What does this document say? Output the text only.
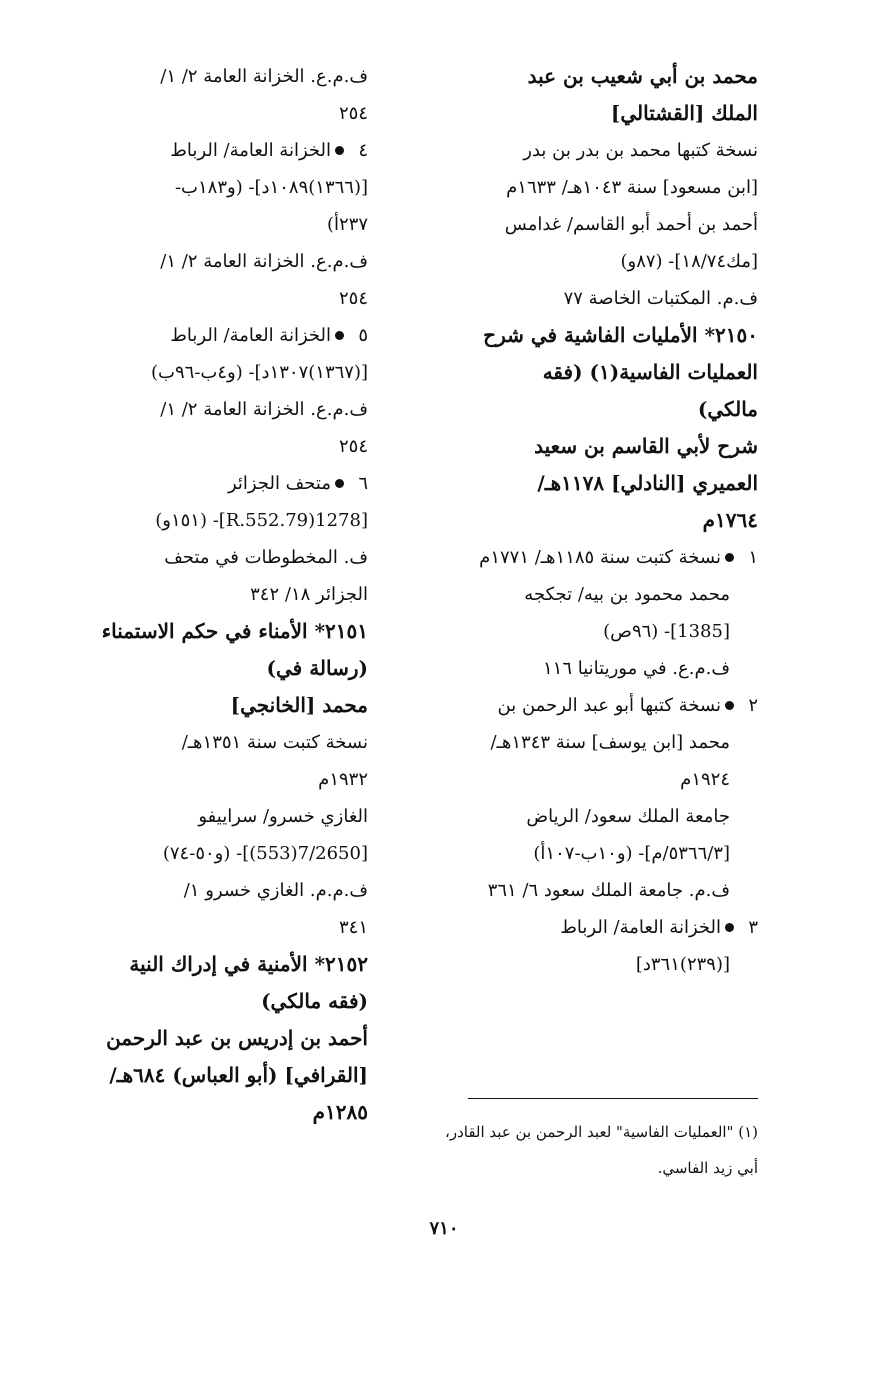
محمد بن أبي شعيب بن عبد
الملك [القشتالي]
نسخة كتبها محمد بن بدر بن بدر
[ابن مسعود] سنة ١٠٤٣هـ/ ١٦٣٣م
أحمد بن أحمد أبو القاسم/ غدامس
[مك١٨/٧٤]- (٨٧و)
ف.م. المكتبات الخاصة ٧٧
٢١٥٠* الأمليات الفاشية في شرح
العمليات الفاسية(١) (فقه
مالكي)
شرح لأبي القاسم بن سعيد
العميري [النادلي] ١١٧٨هـ/
١٧٦٤م
١نسخة كتبت سنة ١١٨٥هـ/ ١٧٧١م
محمد محمود بن بيه/ تجكجه
[1385]- (٩٦ص)
ف.م.ع. في موريتانيا ١١٦
٢نسخة كتبها أبو عبد الرحمن بن
محمد [ابن يوسف] سنة ١٣٤٣هـ/
١٩٢٤م
جامعة الملك سعود/ الرياض
[٥٣٦٦/٣/م]- (و١٠ب-١٠٧أ)
ف.م. جامعة الملك سعود ٦/ ٣٦١
٣الخزانة العامة/ الرباط
[(٢٣٩)٣٦١د]
ف.م.ع. الخزانة العامة ٢/ ١/
٢٥٤
٤الخزانة العامة/ الرباط
[(١٣٦٦)١٠٨٩د]- (و١٨٣ب-
٢٣٧أ)
ف.م.ع. الخزانة العامة ٢/ ١/
٢٥٤
٥الخزانة العامة/ الرباط
[(١٣٦٧)١٣٠٧د]- (و٤ب-٩٦ب)
ف.م.ع. الخزانة العامة ٢/ ١/
٢٥٤
٦متحف الجزائر
[1278(79.R.552]- (١٥١و)
ف. المخطوطات في متحف
الجزائر ١٨/ ٣٤٢
٢١٥١* الأمناء في حكم الاستمناء
(رسالة في)
محمد [الخانجي]
نسخة كتبت سنة ١٣٥١هـ/
١٩٣٢م
الغازي خسرو/ سراييفو
[7/2650(553)]- (و٥٠-٧٤)
ف.م.م. الغازي خسرو ١/
٣٤١
٢١٥٢* الأمنية في إدراك النية
(فقه مالكي)
أحمد بن إدريس بن عبد الرحمن
[القرافي] (أبو العباس) ٦٨٤هـ/
١٢٨٥م
(١) "العمليات الفاسية" لعبد الرحمن بن عبد القادر،
أبي زيد الفاسي.
٧١٠
